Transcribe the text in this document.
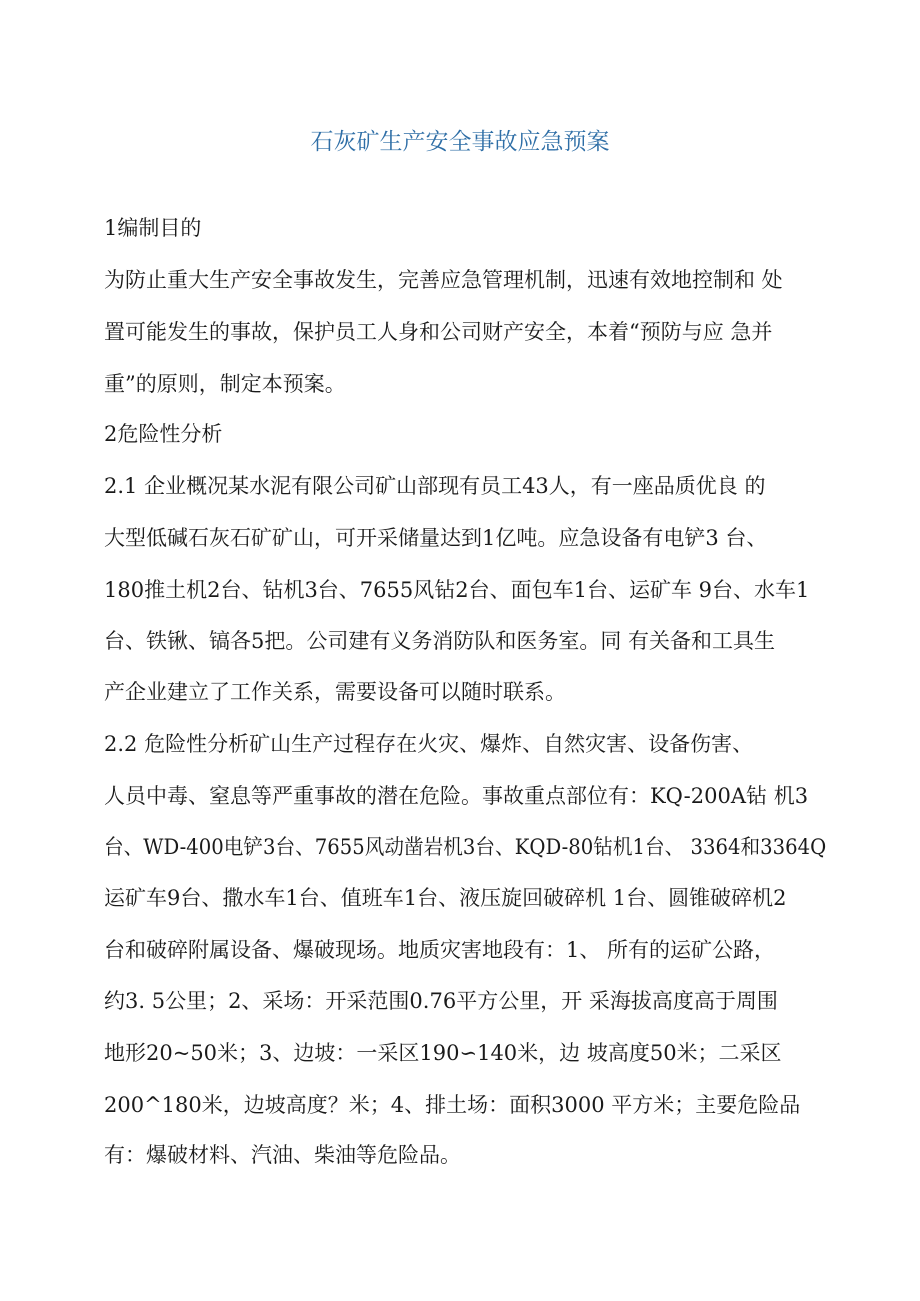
石灰矿生产安全事故应急预案
1编制目的
为防止重大生产安全事故发生，完善应急管理机制，迅速有效地控制和 处
置可能发生的事故，保护员工人身和公司财产安全，本着“预防与应 急并
重”的原则，制定本预案。
2危险性分析
2.1 企业概况某水泥有限公司矿山部现有员工43人，有一座品质优良 的
大型低碱石灰石矿矿山，可开采储量达到1亿吨。应急设备有电铲3 台、
180推土机2台、钻机3台、7655风钻2台、面包车1台、运矿车 9台、水车1
台、铁锹、镐各5把。公司建有义务消防队和医务室。同 有关备和工具生
产企业建立了工作关系，需要设备可以随时联系。
2.2 危险性分析矿山生产过程存在火灾、爆炸、自然灾害、设备伤害、
人员中毒、窒息等严重事故的潜在危险。事故重点部位有：KQ-200A钻 机3
台、WD-400电铲3台、7655风动凿岩机3台、KQD-80钻机1台、 3364和3364Q
运矿车9台、撒水车1台、值班车1台、液压旋回破碎机 1台、圆锥破碎机2
台和破碎附属设备、爆破现场。地质灾害地段有：1、 所有的运矿公路，
约3. 5公里；2、采场：开采范围0.76平方公里，开 采海拔高度高于周围
地形20~50米；3、边坡：一采区190∽140米，边 坡高度50米；二采区
200^180米，边坡高度？米；4、排土场：面积3000 平方米；主要危险品
有：爆破材料、汽油、柴油等危险品。
